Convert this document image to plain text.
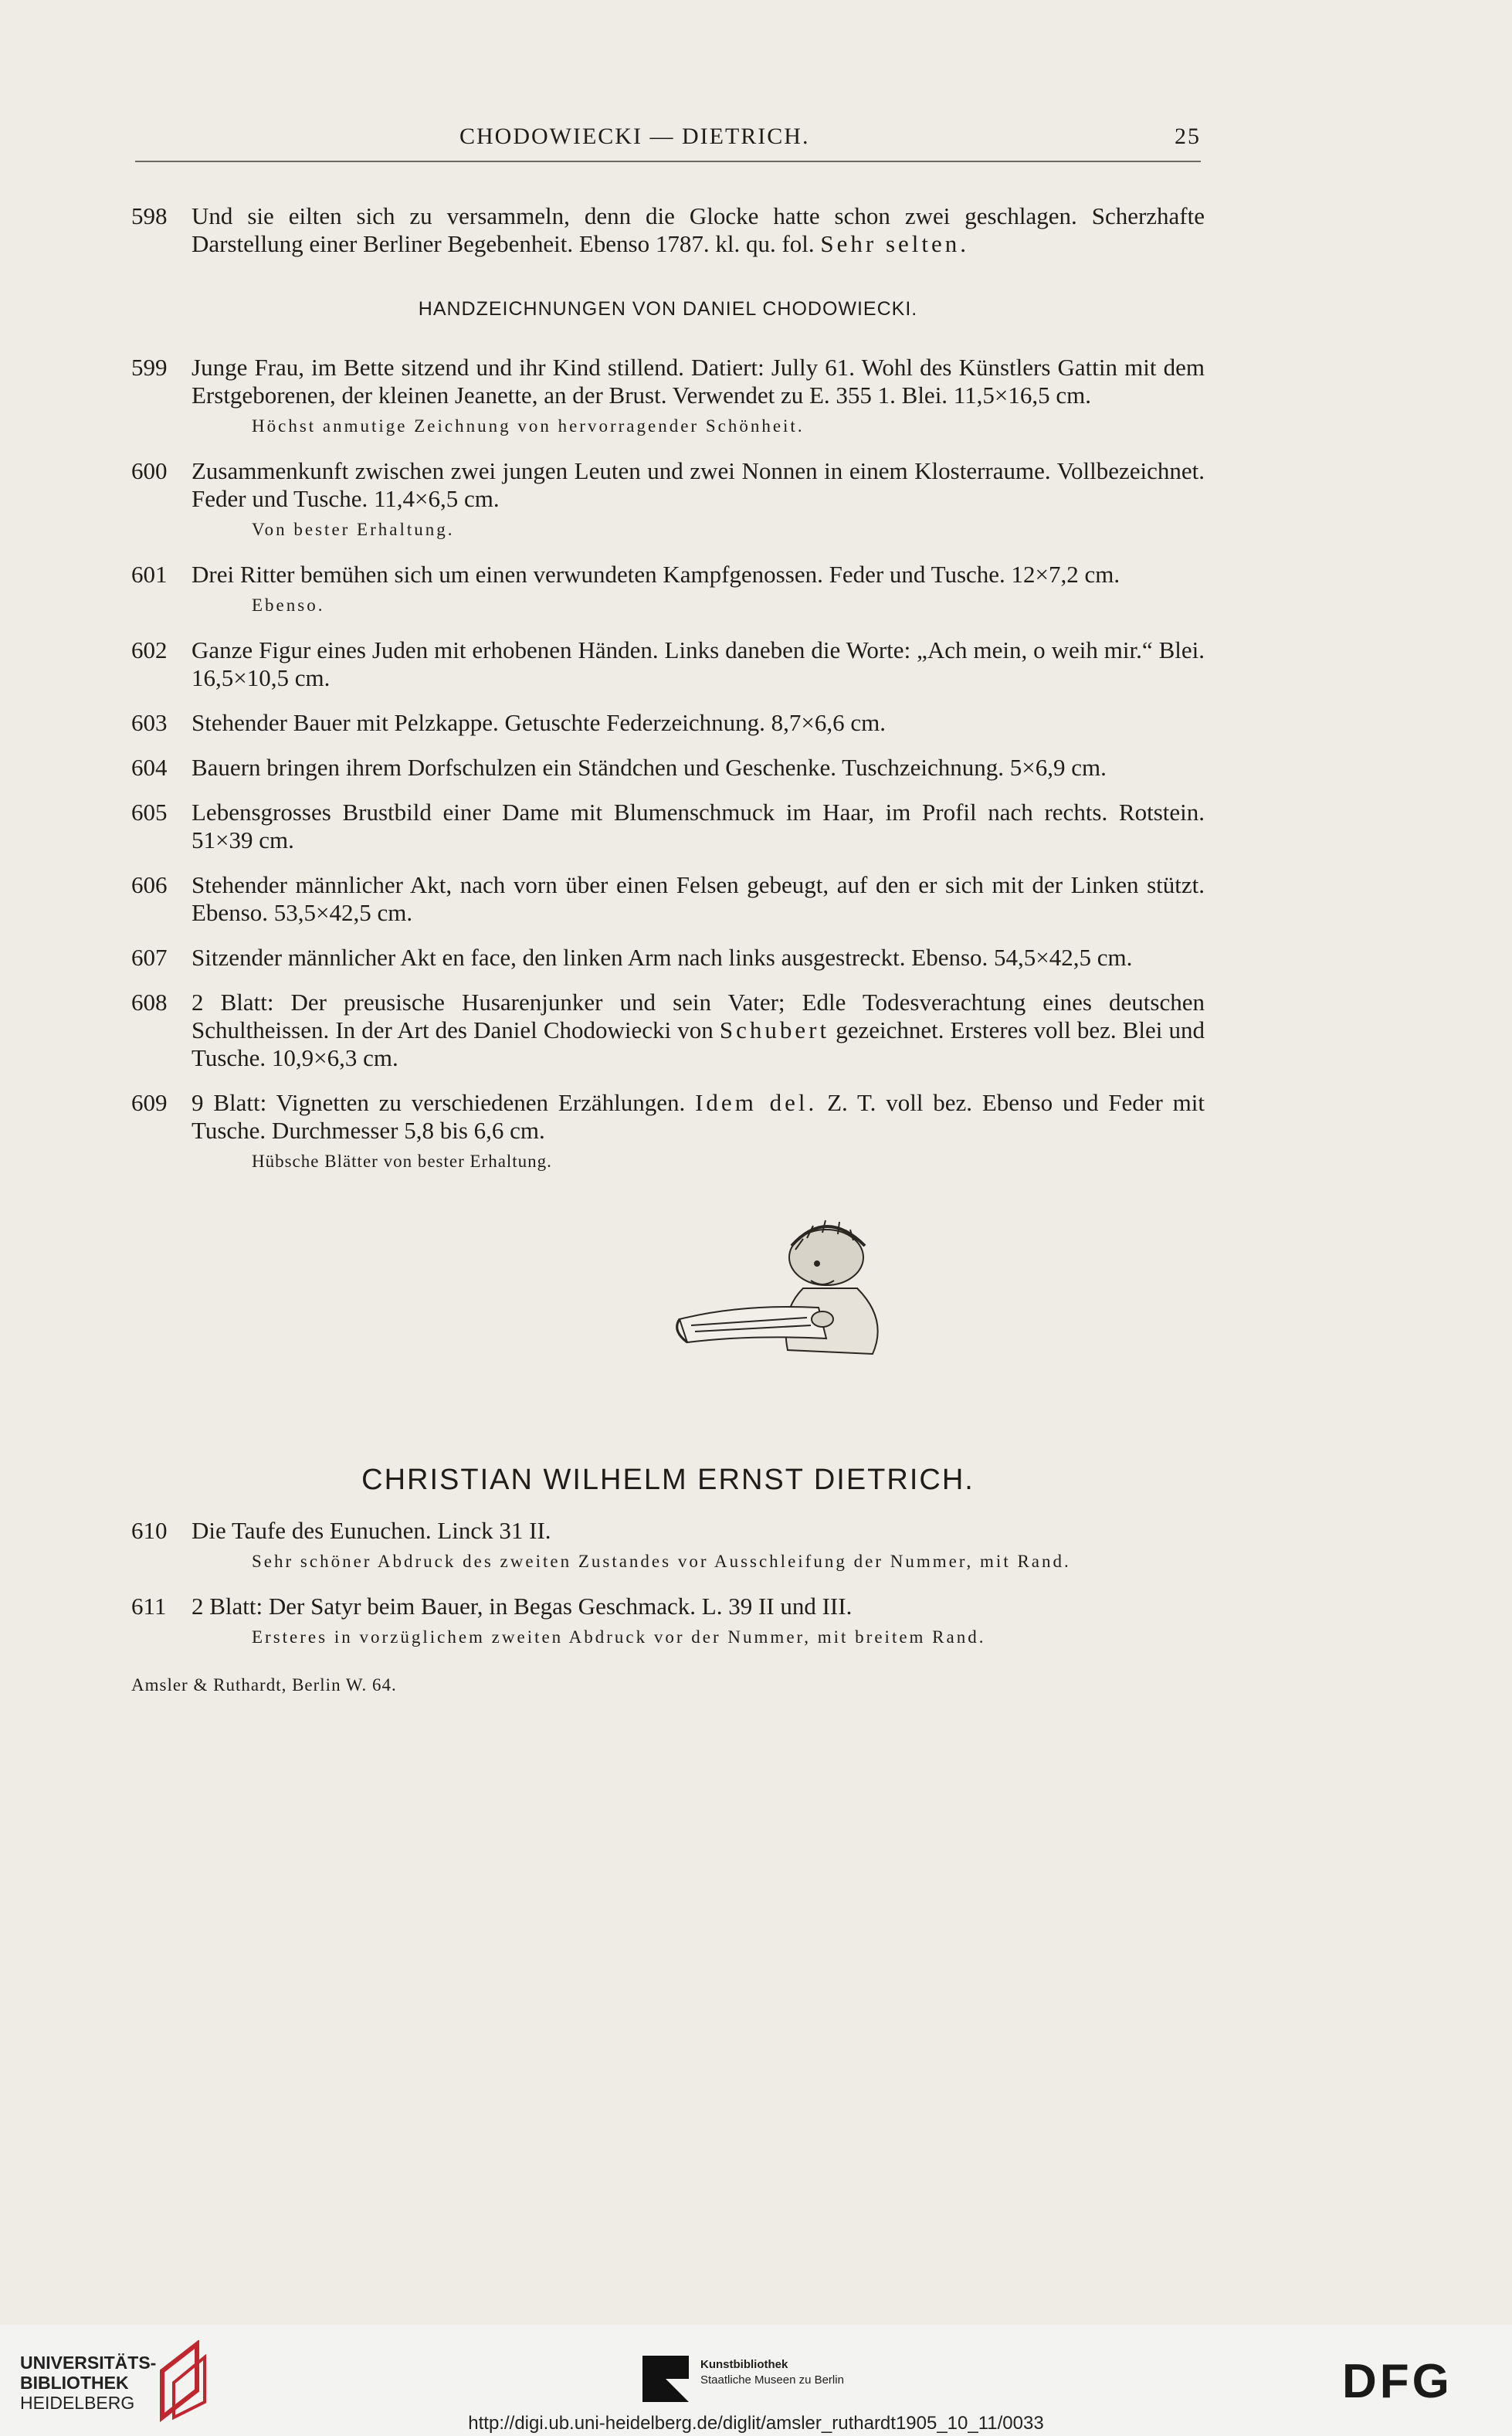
CHODOWIECKI — DIETRICH.	25
598	Und sie eilten sich zu versammeln, denn die Glocke hatte schon zwei geschlagen. Scherzhafte Darstellung einer Berliner Begebenheit. Ebenso 1787. kl. qu. fol. Sehr selten.
HANDZEICHNUNGEN VON DANIEL CHODOWIECKI.
599	Junge Frau, im Bette sitzend und ihr Kind stillend. Datiert: Jully 61. Wohl des Künstlers Gattin mit dem Erstgeborenen, der kleinen Jeanette, an der Brust. Verwendet zu E. 355 1. Blei. 11,5×16,5 cm.
Höchst anmutige Zeichnung von hervorragender Schönheit.
600	Zusammenkunft zwischen zwei jungen Leuten und zwei Nonnen in einem Klosterraume. Vollbezeichnet. Feder und Tusche. 11,4×6,5 cm.
Von bester Erhaltung.
601	Drei Ritter bemühen sich um einen verwundeten Kampfgenossen. Feder und Tusche. 12×7,2 cm.
Ebenso.
602	Ganze Figur eines Juden mit erhobenen Händen. Links daneben die Worte: „Ach mein, o weih mir.“ Blei. 16,5×10,5 cm.
603	Stehender Bauer mit Pelzkappe. Getuschte Federzeichnung. 8,7×6,6 cm.
604	Bauern bringen ihrem Dorfschulzen ein Ständchen und Geschenke. Tuschzeichnung. 5×6,9 cm.
605	Lebensgrosses Brustbild einer Dame mit Blumenschmuck im Haar, im Profil nach rechts. Rotstein. 51×39 cm.
606	Stehender männlicher Akt, nach vorn über einen Felsen gebeugt, auf den er sich mit der Linken stützt. Ebenso. 53,5×42,5 cm.
607	Sitzender männlicher Akt en face, den linken Arm nach links ausgestreckt. Ebenso. 54,5×42,5 cm.
608	2 Blatt: Der preusische Husarenjunker und sein Vater; Edle Todesverachtung eines deutschen Schultheissen. In der Art des Daniel Chodowiecki von Schubert gezeichnet. Ersteres voll bez. Blei und Tusche. 10,9×6,3 cm.
609	9 Blatt: Vignetten zu verschiedenen Erzählungen. Idem del. Z. T. voll bez. Ebenso und Feder mit Tusche. Durchmesser 5,8 bis 6,6 cm.
Hübsche Blätter von bester Erhaltung.
CHRISTIAN WILHELM ERNST DIETRICH.
610	Die Taufe des Eunuchen. Linck 31 II.
Sehr schöner Abdruck des zweiten Zustandes vor Ausschleifung der Nummer, mit Rand.
611	2 Blatt: Der Satyr beim Bauer, in Begas Geschmack. L. 39 II und III.
Ersteres in vorzüglichem zweiten Abdruck vor der Nummer, mit breitem Rand.
Amsler & Ruthardt, Berlin W. 64.
UNIVERSITÄTS-
BIBLIOTHEK
HEIDELBERG
Kunstbibliothek
Staatliche Museen zu Berlin	DFG
http://digi.ub.uni-heidelberg.de/diglit/amsler_ruthardt1905_10_11/0033
